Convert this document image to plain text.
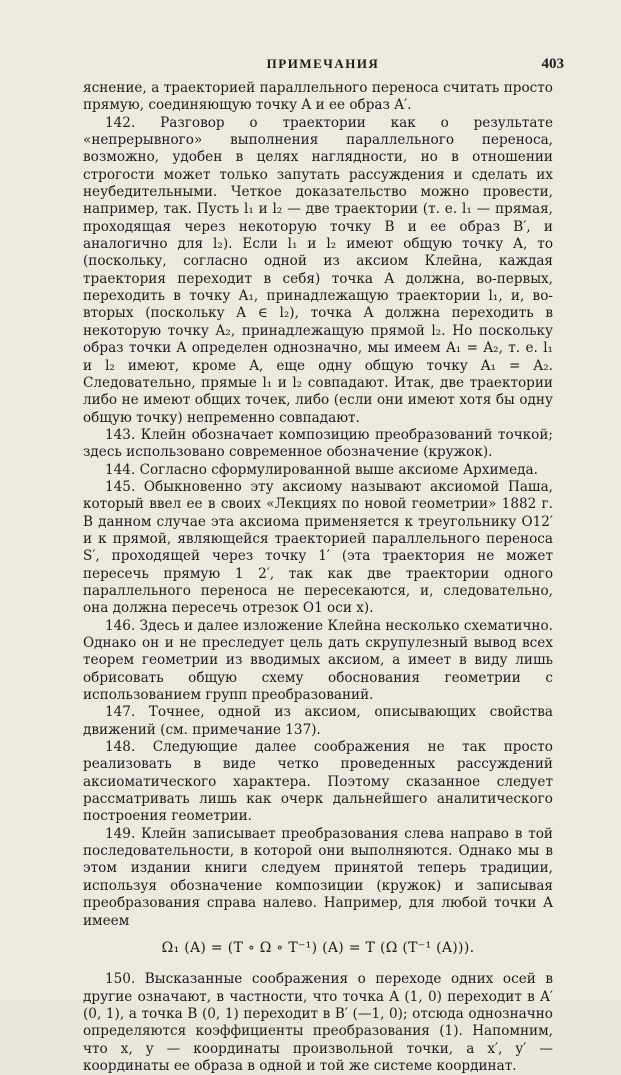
ПРИМЕЧАНИЯ	403

яснение, а траекторией параллельного переноса считать просто прямую, соединяющую точку A и ее образ A′.

142. Разговор о траектории как о результате «непрерывного» выполнения параллельного переноса, возможно, удобен в целях наглядности, но в отношении строгости может только запутать рассуждения и сделать их неубедительными. Четкое доказательство можно провести, например, так. Пусть l₁ и l₂ — две траектории (т. е. l₁ — прямая, проходящая через некоторую точку B и ее образ B′, и аналогично для l₂). Если l₁ и l₂ имеют общую точку A, то (поскольку, согласно одной из аксиом Клейна, каждая траектория переходит в себя) точка A должна, во-первых, переходить в точку A₁, принадлежащую траектории l₁, и, во-вторых (поскольку A ∈ l₂), точка A должна переходить в некоторую точку A₂, принадлежащую прямой l₂. Но поскольку образ точки A определен однозначно, мы имеем A₁ = A₂, т. е. l₁ и l₂ имеют, кроме A, еще одну общую точку A₁ = A₂. Следовательно, прямые l₁ и l₂ совпадают. Итак, две траектории либо не имеют общих точек, либо (если они имеют хотя бы одну общую точку) непременно совпадают.

143. Клейн обозначает композицию преобразований точкой; здесь использовано современное обозначение (кружок).

144. Согласно сформулированной выше аксиоме Архимеда.

145. Обыкновенно эту аксиому называют аксиомой Паша, который ввел ее в своих «Лекциях по новой геометрии» 1882 г. В данном случае эта аксиома применяется к треугольнику O12′ и к прямой, являющейся траекторией параллельного переноса S′, проходящей через точку 1′ (эта траектория не может пересечь прямую 1 2′, так как две траектории одного параллельного переноса не пересекаются, и, следовательно, она должна пересечь отрезок O1 оси x).

146. Здесь и далее изложение Клейна несколько схематично. Однако он и не преследует цель дать скрупулезный вывод всех теорем геометрии из вводимых аксиом, а имеет в виду лишь обрисовать общую схему обоснования геометрии с использованием групп преобразований.

147. Точнее, одной из аксиом, описывающих свойства движений (см. примечание 137).

148. Следующие далее соображения не так просто реализовать в виде четко проведенных рассуждений аксиоматического характера. Поэтому сказанное следует рассматривать лишь как очерк дальнейшего аналитического построения геометрии.

149. Клейн записывает преобразования слева направо в той последовательности, в которой они выполняются. Однако мы в этом издании книги следуем принятой теперь традиции, используя обозначение композиции (кружок) и записывая преобразования справа налево. Например, для любой точки A имеем

Ω₁ (A) = (T ∘ Ω ∘ T⁻¹) (A) = T (Ω (T⁻¹ (A))).

150. Высказанные соображения о переходе одних осей в другие означают, в частности, что точка A (1, 0) переходит в A′ (0, 1), а точка B (0, 1) переходит в B′ (—1, 0); отсюда однозначно определяются коэффициенты преобразования (1). Напомним, что x, y — координаты произвольной точки, а x′, y′ — координаты ее образа в одной и той же системе координат.
